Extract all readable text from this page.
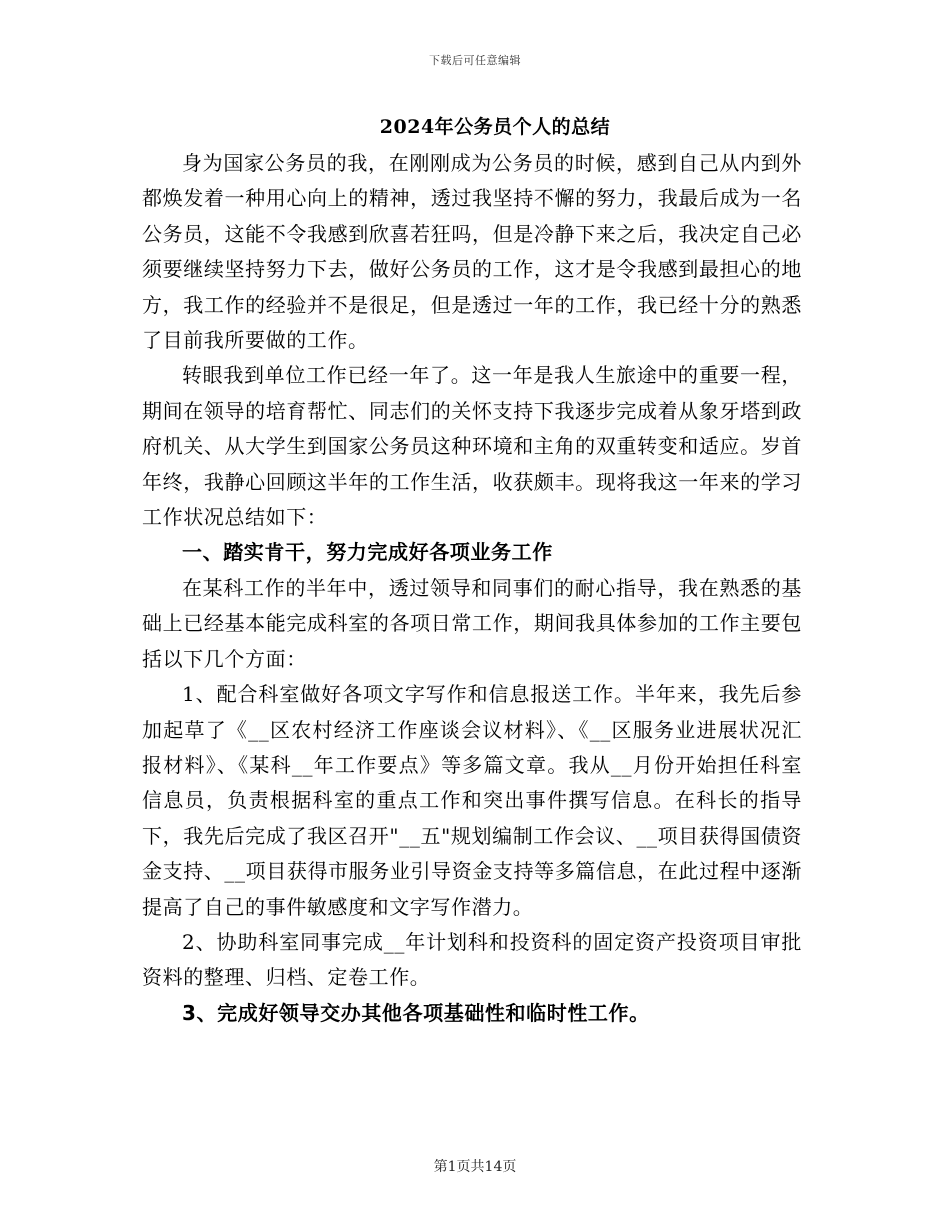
下载后可任意编辑
2024年公务员个人的总结

身为国家公务员的我，在刚刚成为公务员的时候，感到自己从内到外都焕发着一种用心向上的精神，透过我坚持不懈的努力，我最后成为一名公务员，这能不令我感到欣喜若狂吗，但是冷静下来之后，我决定自己必须要继续坚持努力下去，做好公务员的工作，这才是令我感到最担心的地方，我工作的经验并不是很足，但是透过一年的工作，我已经十分的熟悉了目前我所要做的工作。

转眼我到单位工作已经一年了。这一年是我人生旅途中的重要一程，期间在领导的培育帮忙、同志们的关怀支持下我逐步完成着从象牙塔到政府机关、从大学生到国家公务员这种环境和主角的双重转变和适应。岁首年终，我静心回顾这半年的工作生活，收获颇丰。现将我这一年来的学习工作状况总结如下：

一、踏实肯干，努力完成好各项业务工作

在某科工作的半年中，透过领导和同事们的耐心指导，我在熟悉的基础上已经基本能完成科室的各项日常工作，期间我具体参加的工作主要包括以下几个方面：

1、配合科室做好各项文字写作和信息报送工作。半年来，我先后参加起草了《__区农村经济工作座谈会议材料》、《__区服务业进展状况汇报材料》、《某科__年工作要点》等多篇文章。我从__月份开始担任科室信息员，负责根据科室的重点工作和突出事件撰写信息。在科长的指导下，我先后完成了我区召开"__五"规划编制工作会议、__项目获得国债资金支持、__项目获得市服务业引导资金支持等多篇信息，在此过程中逐渐提高了自己的事件敏感度和文字写作潜力。

2、协助科室同事完成__年计划科和投资科的固定资产投资项目审批资料的整理、归档、定卷工作。

3、完成好领导交办其他各项基础性和临时性工作。

第1页共14页
